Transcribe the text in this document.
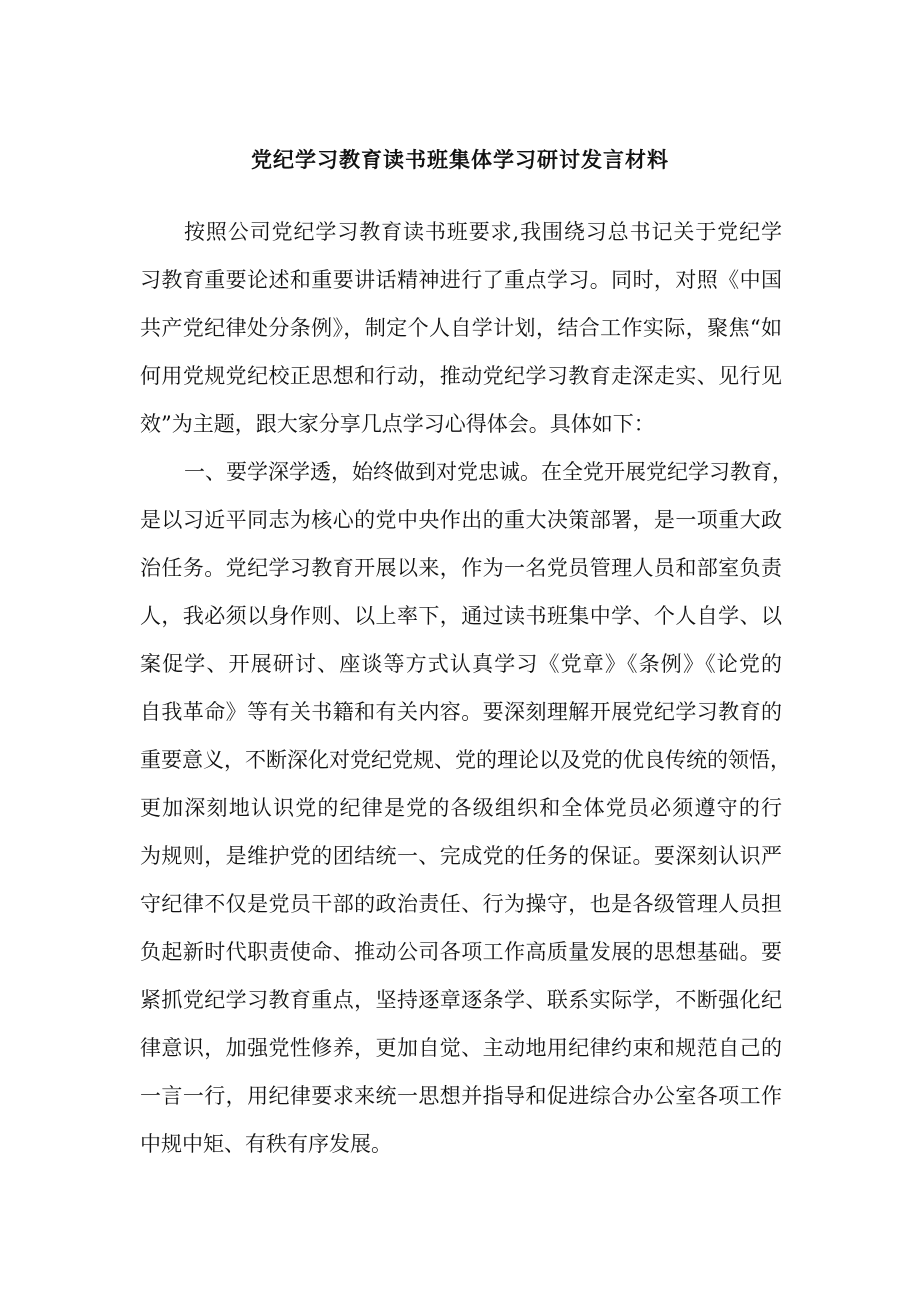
党纪学习教育读书班集体学习研讨发言材料
按照公司党纪学习教育读书班要求,我围绕习总书记关于党纪学
习教育重要论述和重要讲话精神进行了重点学习。同时，对照《中国
共产党纪律处分条例》，制定个人自学计划，结合工作实际，聚焦“如
何用党规党纪校正思想和行动，推动党纪学习教育走深走实、见行见
效”为主题，跟大家分享几点学习心得体会。具体如下：
一、要学深学透，始终做到对党忠诚。在全党开展党纪学习教育，
是以习近平同志为核心的党中央作出的重大决策部署，是一项重大政
治任务。党纪学习教育开展以来，作为一名党员管理人员和部室负责
人，我必须以身作则、以上率下，通过读书班集中学、个人自学、以
案促学、开展研讨、座谈等方式认真学习《党章》《条例》《论党的
自我革命》等有关书籍和有关内容。要深刻理解开展党纪学习教育的
重要意义，不断深化对党纪党规、党的理论以及党的优良传统的领悟，
更加深刻地认识党的纪律是党的各级组织和全体党员必须遵守的行
为规则，是维护党的团结统一、完成党的任务的保证。要深刻认识严
守纪律不仅是党员干部的政治责任、行为操守，也是各级管理人员担
负起新时代职责使命、推动公司各项工作高质量发展的思想基础。要
紧抓党纪学习教育重点，坚持逐章逐条学、联系实际学，不断强化纪
律意识，加强党性修养，更加自觉、主动地用纪律约束和规范自己的
一言一行，用纪律要求来统一思想并指导和促进综合办公室各项工作
中规中矩、有秩有序发展。
